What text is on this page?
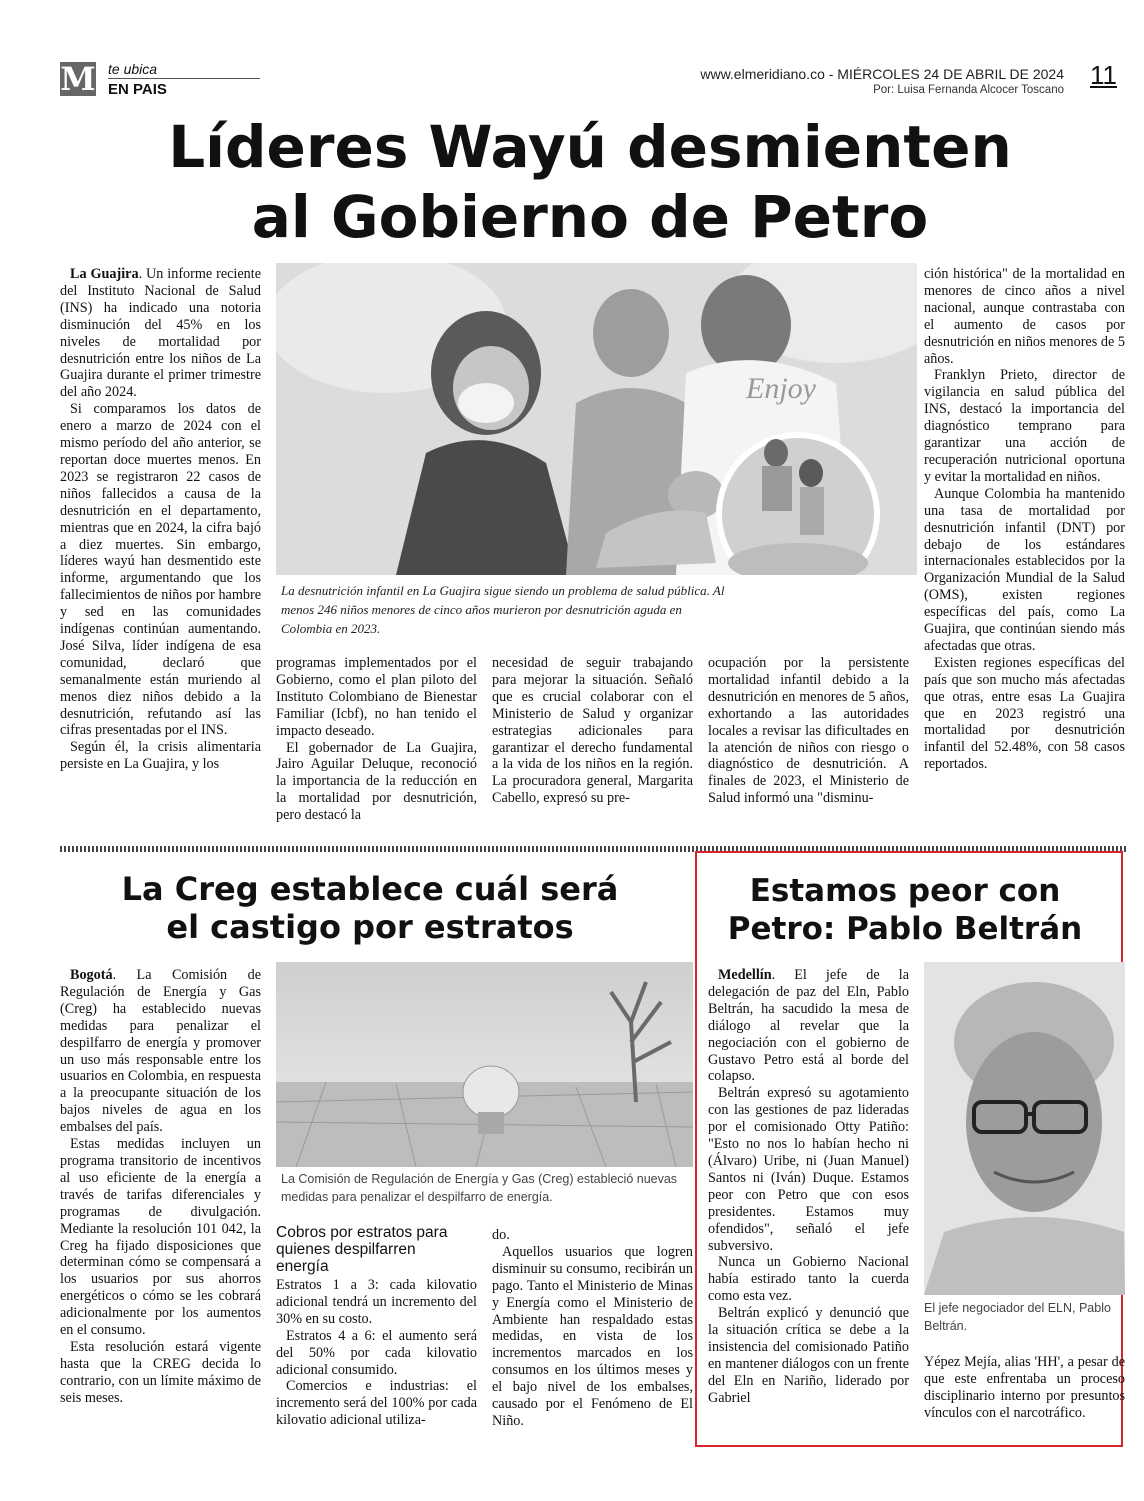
M te ubica
EN PAIS
www.elmeridiano.co - MIÉRCOLES 24 DE ABRIL DE 2024
Por: Luisa Fernanda Alcocer Toscano 11
Líderes Wayú desmienten
al Gobierno de Petro

La Guajira. Un informe reciente del Instituto Nacional de Salud (INS) ha indicado una notoria disminución del 45% en los niveles de mortalidad por desnutrición entre los niños de La Guajira durante el primer trimestre del año 2024.

Si comparamos los datos de enero a marzo de 2024 con el mismo período del año anterior, se reportan doce muertes menos. En 2023 se registraron 22 casos de niños fallecidos a causa de la desnutrición en el departamento, mientras que en 2024, la cifra bajó a diez muertes. Sin embargo, líderes wayú han desmentido este informe, argumentando que los fallecimientos de niños por hambre y sed en las comunidades indígenas continúan aumentando. José Silva, líder indígena de esa comunidad, declaró que semanalmente están muriendo al menos diez niños debido a la desnutrición, refutando así las cifras presentadas por el INS.

Según él, la crisis alimentaria persiste en La Guajira, y los

Enjoy
La desnutrición infantil en La Guajira sigue siendo un problema de salud pública. Al menos 246 niños menores de cinco años murieron por desnutrición aguda en Colombia en 2023.

programas implementados por el Gobierno, como el plan piloto del Instituto Colombiano de Bienestar Familiar (Icbf), no han tenido el impacto deseado.

El gobernador de La Guajira, Jairo Aguilar Deluque, reconoció la importancia de la reducción en la mortalidad por desnutrición, pero destacó la

necesidad de seguir trabajando para mejorar la situación. Señaló que es crucial colaborar con el Ministerio de Salud y organizar estrategias adicionales para garantizar el derecho fundamental a la vida de los niños en la región. La procuradora general, Margarita Cabello, expresó su pre-

ocupación por la persistente mortalidad infantil debido a la desnutrición en menores de 5 años, exhortando a las autoridades locales a revisar las dificultades en la atención de niños con riesgo o diagnóstico de desnutrición. A finales de 2023, el Ministerio de Salud informó una "disminu-

ción histórica" de la mortalidad en menores de cinco años a nivel nacional, aunque contrastaba con el aumento de casos por desnutrición en niños menores de 5 años.

Franklyn Prieto, director de vigilancia en salud pública del INS, destacó la importancia del diagnóstico temprano para garantizar una acción de recuperación nutricional oportuna y evitar la mortalidad en niños.

Aunque Colombia ha mantenido una tasa de mortalidad por desnutrición infantil (DNT) por debajo de los estándares internacionales establecidos por la Organización Mundial de la Salud (OMS), existen regiones específicas del país, como La Guajira, que continúan siendo más afectadas que otras.

Existen regiones específicas del país que son mucho más afectadas que otras, entre esas La Guajira que en 2023 registró una mortalidad por desnutrición infantil del 52.48%, con 58 casos reportados.

La Creg establece cuál será
el castigo por estratos

Bogotá. La Comisión de Regulación de Energía y Gas (Creg) ha establecido nuevas medidas para penalizar el despilfarro de energía y promover un uso más responsable entre los usuarios en Colombia, en respuesta a la preocupante situación de los bajos niveles de agua en los embalses del país.

Estas medidas incluyen un programa transitorio de incentivos al uso eficiente de la energía a través de tarifas diferenciales y programas de divulgación. Mediante la resolución 101 042, la Creg ha fijado disposiciones que determinan cómo se compensará a los usuarios por sus ahorros energéticos o cómo se les cobrará adicionalmente por los aumentos en el consumo.

Esta resolución estará vigente hasta que la CREG decida lo contrario, con un límite máximo de seis meses.

La Comisión de Regulación de Energía y Gas (Creg) estableció nuevas medidas para penalizar el despilfarro de energía.
Cobros por estratos para quienes despilfarren energía

Estratos 1 a 3: cada kilovatio adicional tendrá un incremento del 30% en su costo.

Estratos 4 a 6: el aumento será del 50% por cada kilovatio adicional consumido.

Comercios e industrias: el incremento será del 100% por cada kilovatio adicional utiliza-

do.

Aquellos usuarios que logren disminuir su consumo, recibirán un pago. Tanto el Ministerio de Minas y Energía como el Ministerio de Ambiente han respaldado estas medidas, en vista de los incrementos marcados en los consumos en los últimos meses y el bajo nivel de los embalses, causado por el Fenómeno de El Niño.

Estamos peor con
Petro: Pablo Beltrán

Medellín. El jefe de la delegación de paz del Eln, Pablo Beltrán, ha sacudido la mesa de diálogo al revelar que la negociación con el gobierno de Gustavo Petro está al borde del colapso.

Beltrán expresó su agotamiento con las gestiones de paz lideradas por el comisionado Otty Patiño: "Esto no nos lo habían hecho ni (Álvaro) Uribe, ni (Juan Manuel) Santos ni (Iván) Duque. Estamos peor con Petro que con esos presidentes. Estamos muy ofendidos", señaló el jefe subversivo.

Nunca un Gobierno Nacional había estirado tanto la cuerda como esta vez.

Beltrán explicó y denunció que la situación crítica se debe a la insistencia del comisionado Patiño en mantener diálogos con un frente del Eln en Nariño, liderado por Gabriel

El jefe negociador del ELN, Pablo Beltrán.

Yépez Mejía, alias 'HH', a pesar de que este enfrentaba un proceso disciplinario interno por presuntos vínculos con el narcotráfico.
